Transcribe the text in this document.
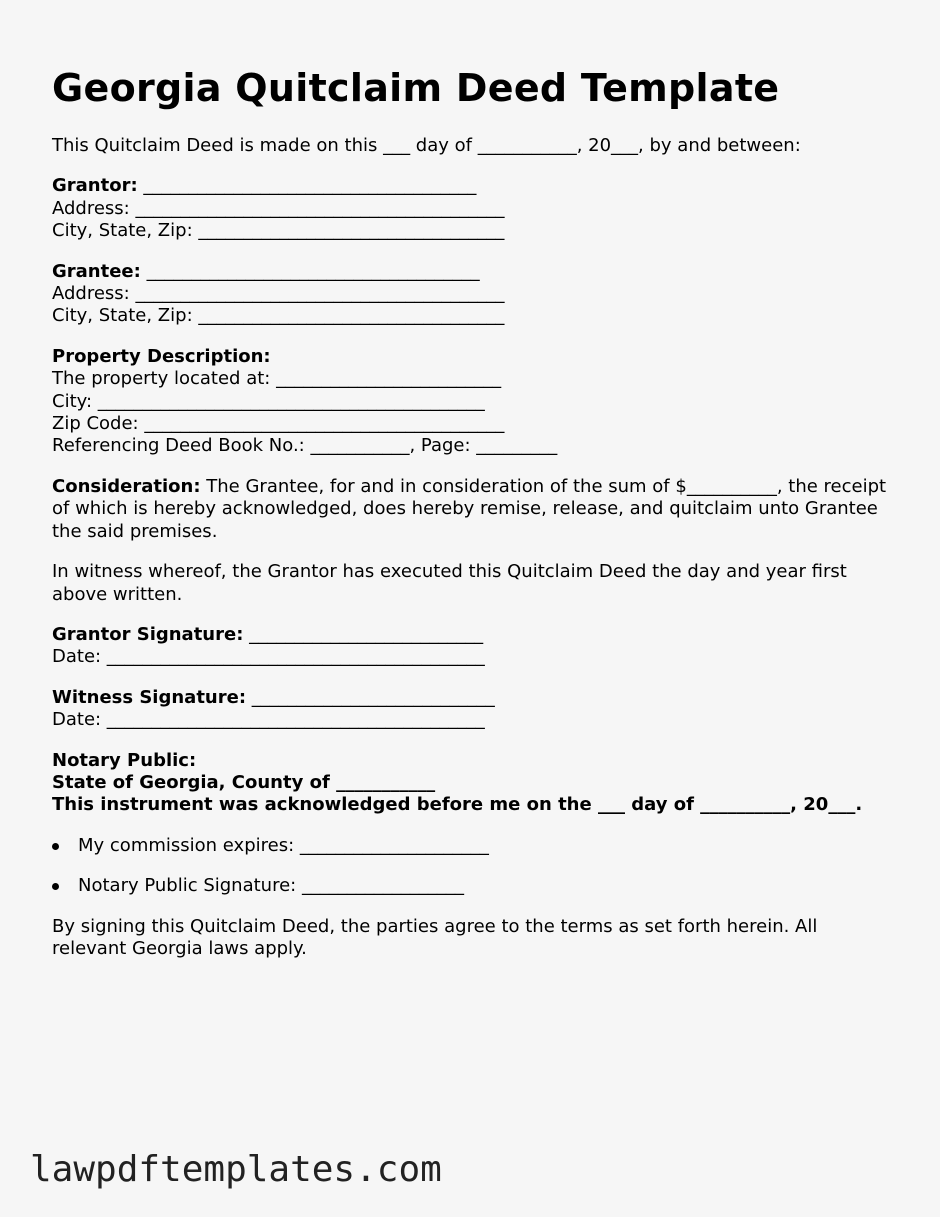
Georgia Quitclaim Deed Template

This Quitclaim Deed is made on this ___ day of ___________, 20___, by and between:

Grantor: _____________________________________

Address: _________________________________________

City, State, Zip: __________________________________

Grantee: _____________________________________

Address: _________________________________________

City, State, Zip: __________________________________

Property Description:

The property located at: _________________________

City: ___________________________________________

Zip Code: ________________________________________

Referencing Deed Book No.: ___________, Page: _________

Consideration: The Grantee, for and in consideration of the sum of $__________, the receipt of which is hereby acknowledged, does hereby remise, release, and quitclaim unto Grantee the said premises.

In witness whereof, the Grantor has executed this Quitclaim Deed the day and year first above written.

Grantor Signature: __________________________

Date: __________________________________________

Witness Signature: ___________________________

Date: __________________________________________

Notary Public:

State of Georgia, County of ___________

This instrument was acknowledged before me on the ___ day of __________, 20___.

My commission expires: _____________________
Notary Public Signature: __________________

By signing this Quitclaim Deed, the parties agree to the terms as set forth herein. All relevant Georgia laws apply.

lawpdftemplates.com
